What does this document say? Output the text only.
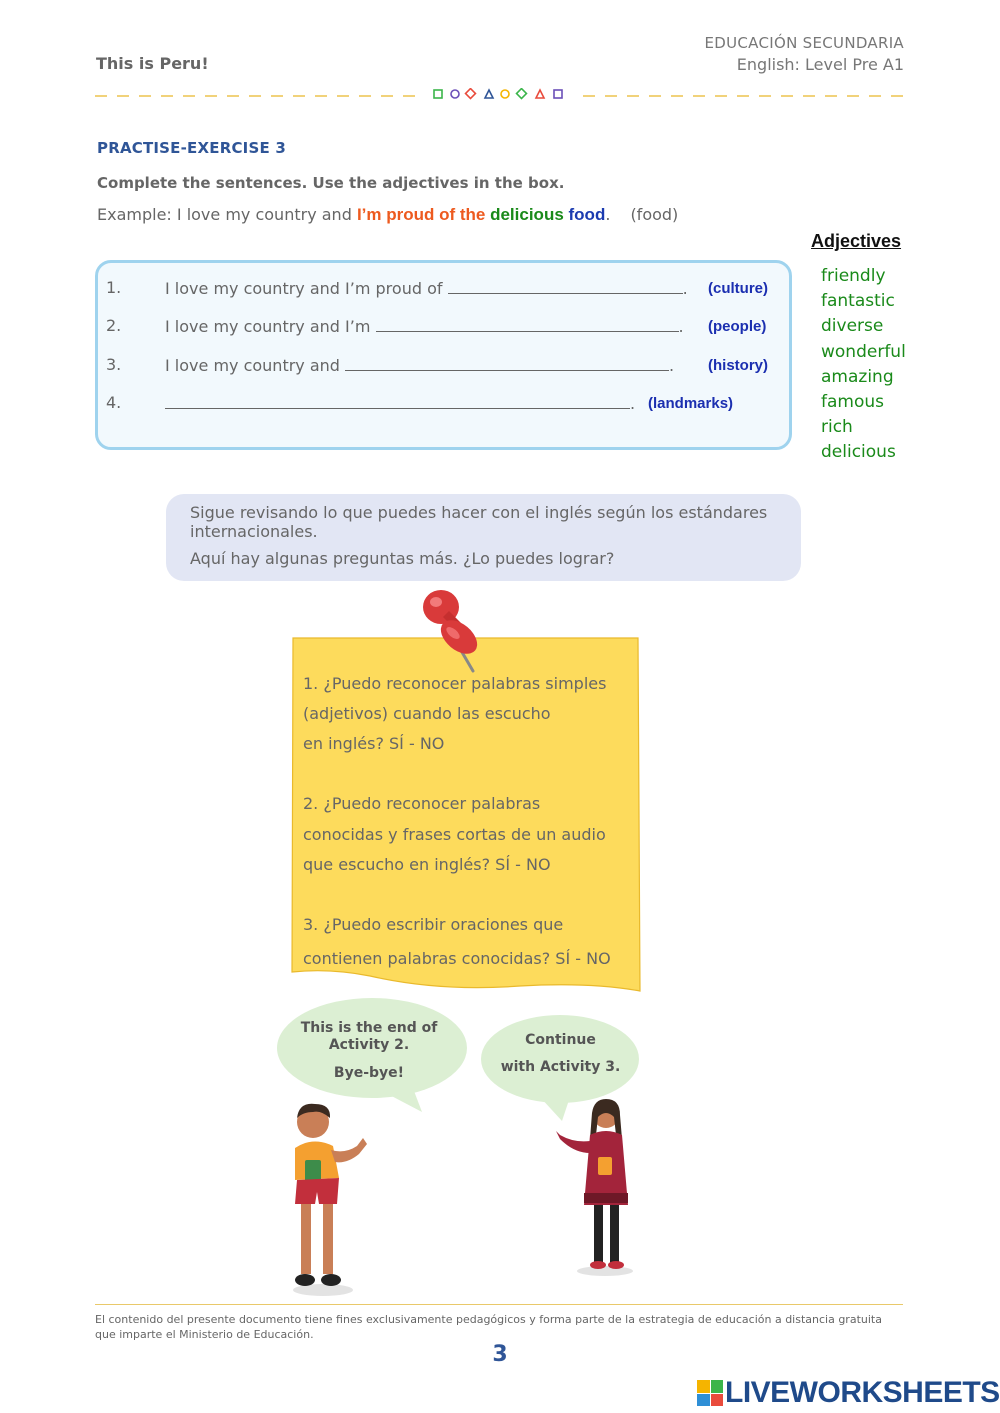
This is Peru!
EDUCACIÓN SECUNDARIA
English: Level Pre A1
PRACTISE-EXERCISE 3
Complete the sentences. Use the adjectives in the box.
Example: I love my country and I’m proud of the delicious food. (food)
1.	I love my country and I’m proud of	. (culture)
2.	I love my country and I’m	. (people)
3.	I love my country and	. (history)
4.	. (landmarks)
Adjectives
friendly
fantastic
diverse
wonderful
amazing
famous
rich
delicious

Sigue revisando lo que puedes hacer con el inglés según los estándares internacionales.

Aquí hay algunas preguntas más. ¿Lo puedes lograr?

1. ¿Puedo reconocer palabras simples
(adjetivos) cuando las escucho
en inglés? SÍ - NO
2. ¿Puedo reconocer palabras
conocidas y frases cortas de un audio
que escucho en inglés? SÍ - NO
3. ¿Puedo escribir oraciones que
contienen palabras conocidas? SÍ - NO
This is the end of
Activity 2.
Bye-bye!
Continue
with Activity 3.
El contenido del presente documento tiene fines exclusivamente pedagógicos y forma parte de la estrategia de educación a distancia gratuita que imparte el Ministerio de Educación.
3
LIVEWORKSHEETS
